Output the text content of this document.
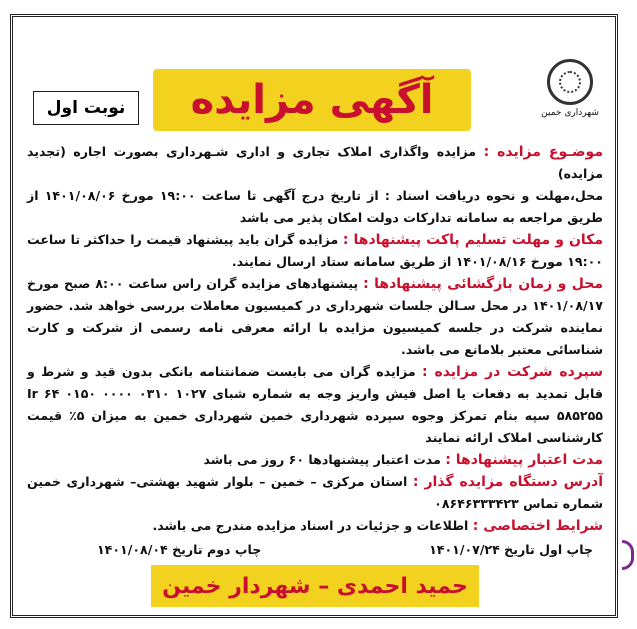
شهرداری خمین
آگهی مزایده
نوبت اول

موضـوع مزایده : مزایده واگذاری املاک تجاری و اداری شـهرداری بصورت اجاره (تجدید مزایده)

محل،مهلت و نحوه دریافت اسناد : از تاریخ درج آگهی تا ساعت ۱۹:۰۰ مورخ ۱۴۰۱/۰۸/۰۶ از طریق مراجعه به سامانه تدارکات دولت امکان پذیر می باشد

مکان و مهلت تسلیم پاکت پیشنهادها : مزایده گران باید پیشنهاد قیمت را حداکثر تا ساعت ۱۹:۰۰ مورخ ۱۴۰۱/۰۸/۱۶ از طریق سامانه ستاد ارسال نمایند.

محل و زمان بازگشائی پیشنهادها : پیشنهادهای مزایده گران راس ساعت ۸:۰۰ صبح مورخ ۱۴۰۱/۰۸/۱۷ در محل سـالن جلسات شهرداری در کمیسیون معاملات بررسی خواهد شد. حضور نماینده شرکت در جلسه کمیسیون مزایده با ارائه معرفی نامه رسمی از شرکت و کارت شناسائی معتبر بلامانع می باشد.

سپرده شرکت در مزایده : مزایده گران می بایست ضمانتنامه بانکی بدون قید و شرط و قابل تمدید به دفعات یا اصل فیش واریز وجه به شماره شبای Ir ۶۴ ۰۱۵۰ ۰۰۰۰ ۰۳۱۰ ۱۰۲۷ ۵۸۵۲۵۵ سپه بنام تمرکز وجوه سپرده شهرداری خمین شهرداری خمین به میزان ۵٪ قیمت کارشناسی املاک ارائه نمایند

مدت اعتبار پیشنهادها : مدت اعتبار پیشنهادها ۶۰ روز می باشد

آدرس دستگاه مزایده گذار : استان مرکزی – خمین – بلوار شهید بهشتی– شهرداری خمین شماره تماس ۰۸۶۴۶۳۳۳۴۲۳

شرایط اختصاصی : اطلاعات و جزئیات در اسناد مزایده مندرج می باشد.

چاپ اول تاریخ ۱۴۰۱/۰۷/۲۴
چاپ دوم تاریخ ۱۴۰۱/۰۸/۰۴
حمید احمدی – شهردار خمین
